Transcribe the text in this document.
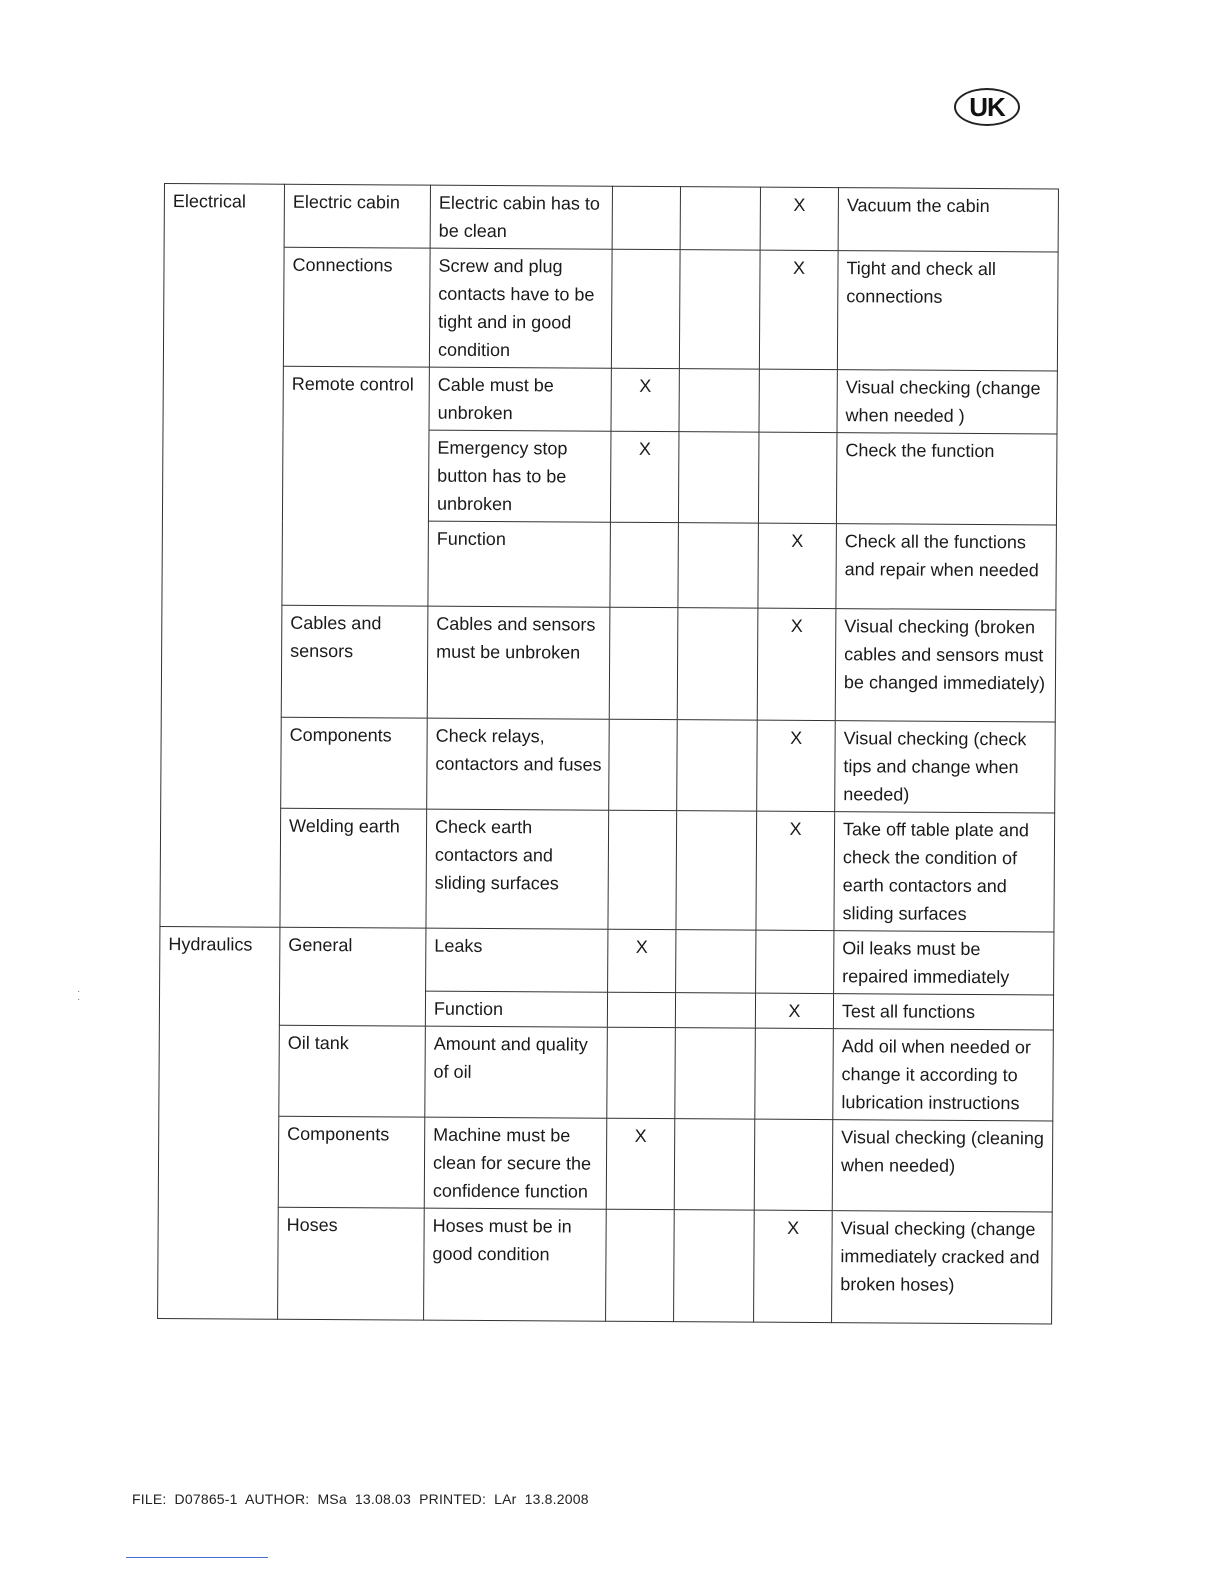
UK
Electrical	Electric cabin	Electric cabin has to be clean			X	Vacuum the cabin
	Connections	Screw and plug contacts have to be tight and in good condition			X	Tight and check all connections
	Remote control	Cable must be unbroken	X			Visual checking (change when needed )
		Emergency stop button has to be unbroken	X			Check the function
		Function			X	Check all the functions and repair when needed
	Cables and sensors	Cables and sensors must be unbroken			X	Visual checking (broken cables and sensors must be changed immediately)
	Components	Check relays, contactors and fuses			X	Visual checking (check tips and change when needed)
	Welding earth	Check earth contactors and sliding surfaces			X	Take off table plate and check the condition of earth contactors and sliding surfaces
Hydraulics	General	Leaks	X			Oil leaks must be repaired immediately
		Function			X	Test all functions
	Oil tank	Amount and quality of oil				Add oil when needed or change it according to lubrication instructions
	Components	Machine must be clean for secure the confidence function	X			Visual checking (cleaning when needed)
	Hoses	Hoses must be in good condition			X	Visual checking (change immediately cracked and broken hoses)
·
·
FILE: D07865-1 AUTHOR: MSa 13.08.03 PRINTED: LAr 13.8.2008
